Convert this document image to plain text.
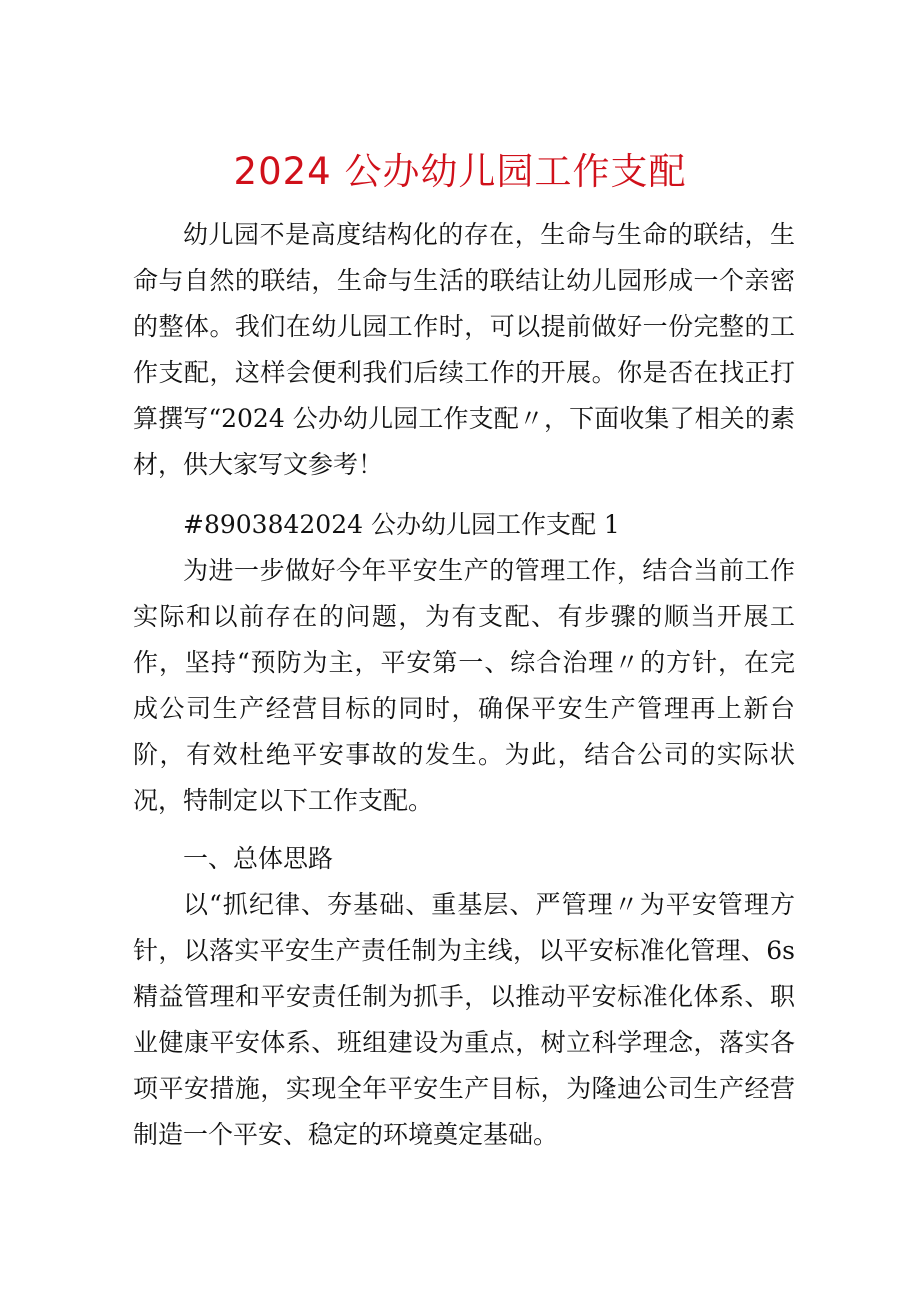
2024 公办幼儿园工作支配

幼儿园不是高度结构化的存在，生命与生命的联结，生命与自然的联结，生命与生活的联结让幼儿园形成一个亲密的整体。我们在幼儿园工作时，可以提前做好一份完整的工作支配，这样会便利我们后续工作的开展。你是否在找正打算撰写“2024 公办幼儿园工作支配〃，下面收集了相关的素材，供大家写文参考！

#8903842024 公办幼儿园工作支配 1

为进一步做好今年平安生产的管理工作，结合当前工作实际和以前存在的问题，为有支配、有步骤的顺当开展工作，坚持“预防为主，平安第一、综合治理〃的方针，在完成公司生产经营目标的同时，确保平安生产管理再上新台阶，有效杜绝平安事故的发生。为此，结合公司的实际状况，特制定以下工作支配。

一、总体思路

以“抓纪律、夯基础、重基层、严管理〃为平安管理方针，以落实平安生产责任制为主线，以平安标准化管理、6s 精益管理和平安责任制为抓手，以推动平安标准化体系、职业健康平安体系、班组建设为重点，树立科学理念，落实各项平安措施，实现全年平安生产目标，为隆迪公司生产经营制造一个平安、稳定的环境奠定基础。
